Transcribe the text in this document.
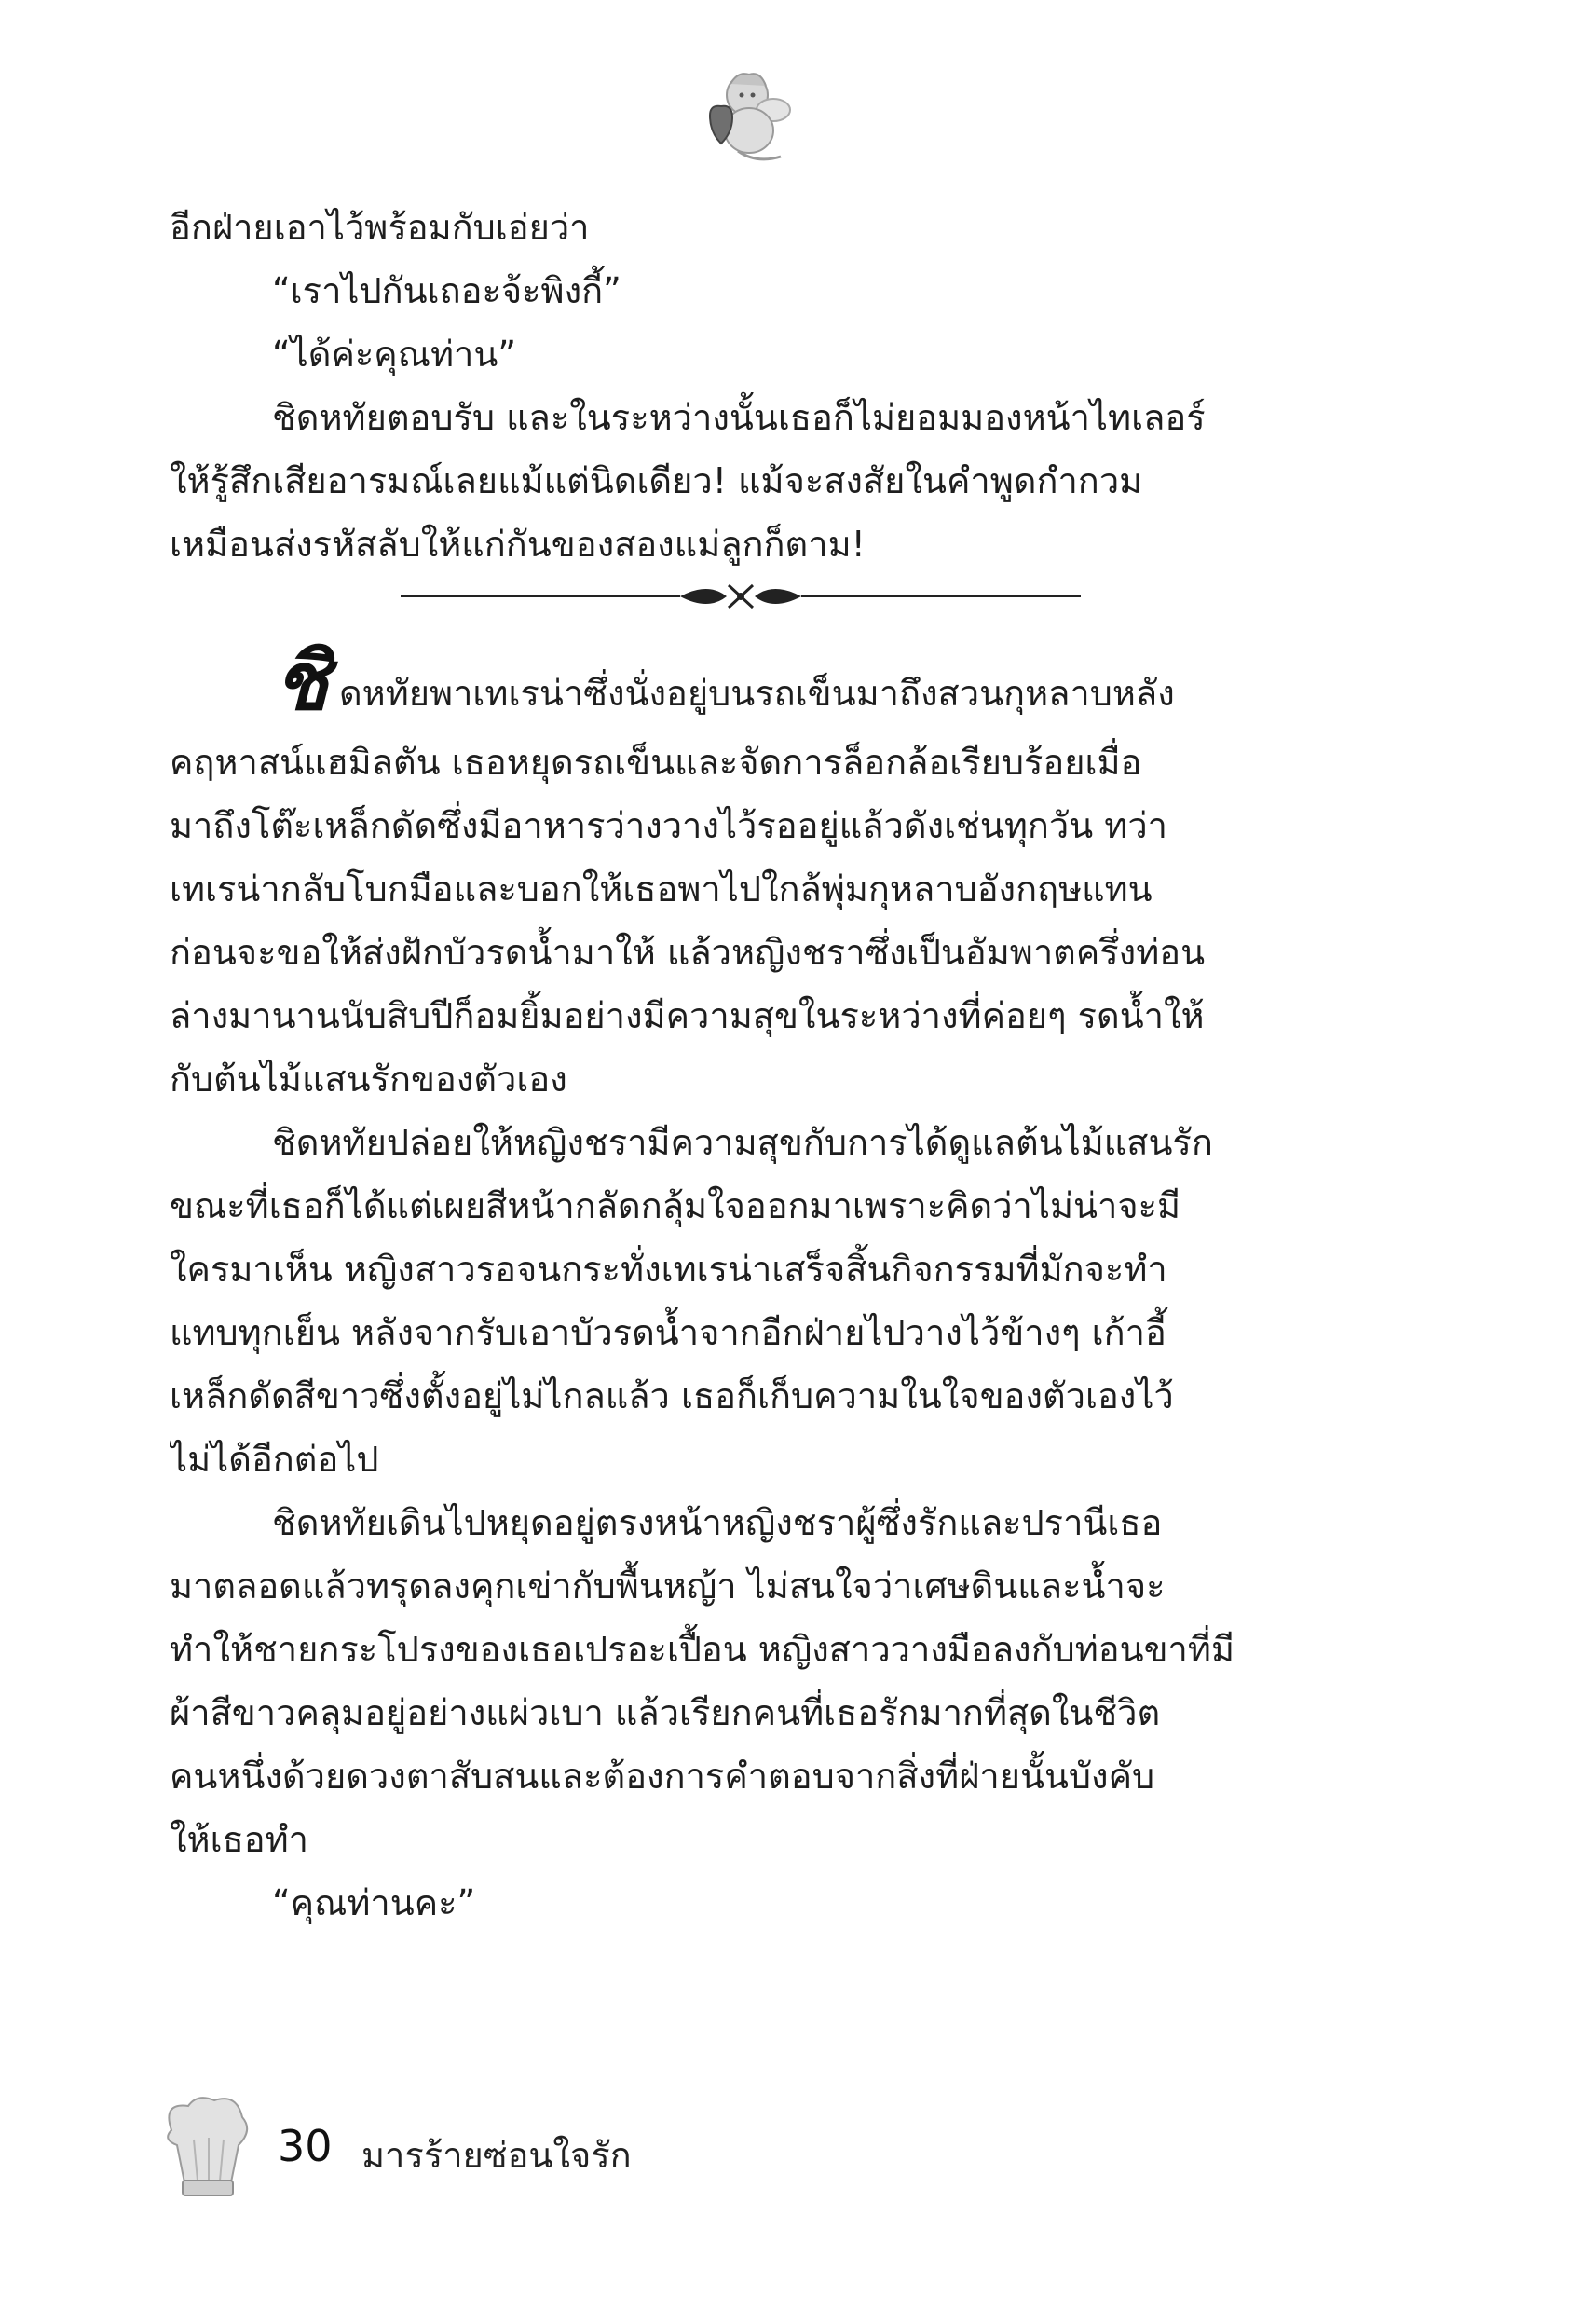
อีกฝ่ายเอาไว้พร้อมกับเอ่ยว่า
“เราไปกันเถอะจ้ะพิงกี้”
“ได้ค่ะคุณท่าน”
ชิดหทัยตอบรับ และในระหว่างนั้นเธอก็ไม่ยอมมองหน้าไทเลอร์
ให้รู้สึกเสียอารมณ์เลยแม้แต่นิดเดียว! แม้จะสงสัยในคำพูดกำกวม
เหมือนส่งรหัสลับให้แก่กันของสองแม่ลูกก็ตาม!
ชิ ดหทัยพาเทเรน่าซึ่งนั่งอยู่บนรถเข็นมาถึงสวนกุหลาบหลัง
คฤหาสน์แฮมิลตัน เธอหยุดรถเข็นและจัดการล็อกล้อเรียบร้อยเมื่อ
มาถึงโต๊ะเหล็กดัดซึ่งมีอาหารว่างวางไว้รออยู่แล้วดังเช่นทุกวัน ทว่า
เทเรน่ากลับโบกมือและบอกให้เธอพาไปใกล้พุ่มกุหลาบอังกฤษแทน
ก่อนจะขอให้ส่งฝักบัวรดน้ำมาให้ แล้วหญิงชราซึ่งเป็นอัมพาตครึ่งท่อน
ล่างมานานนับสิบปีก็อมยิ้มอย่างมีความสุขในระหว่างที่ค่อยๆ รดน้ำให้
กับต้นไม้แสนรักของตัวเอง
ชิดหทัยปล่อยให้หญิงชรามีความสุขกับการได้ดูแลต้นไม้แสนรัก
ขณะที่เธอก็ได้แต่เผยสีหน้ากลัดกลุ้มใจออกมาเพราะคิดว่าไม่น่าจะมี
ใครมาเห็น หญิงสาวรอจนกระทั่งเทเรน่าเสร็จสิ้นกิจกรรมที่มักจะทำ
แทบทุกเย็น หลังจากรับเอาบัวรดน้ำจากอีกฝ่ายไปวางไว้ข้างๆ เก้าอี้
เหล็กดัดสีขาวซึ่งตั้งอยู่ไม่ไกลแล้ว เธอก็เก็บความในใจของตัวเองไว้
ไม่ได้อีกต่อไป
ชิดหทัยเดินไปหยุดอยู่ตรงหน้าหญิงชราผู้ซึ่งรักและปรานีเธอ
มาตลอดแล้วทรุดลงคุกเข่ากับพื้นหญ้า ไม่สนใจว่าเศษดินและน้ำจะ
ทำให้ชายกระโปรงของเธอเปรอะเปื้อน หญิงสาววางมือลงกับท่อนขาที่มี
ผ้าสีขาวคลุมอยู่อย่างแผ่วเบา แล้วเรียกคนที่เธอรักมากที่สุดในชีวิต
คนหนึ่งด้วยดวงตาสับสนและต้องการคำตอบจากสิ่งที่ฝ่ายนั้นบังคับ
ให้เธอทำ
“คุณท่านคะ”
30 มารร้ายซ่อนใจรัก
